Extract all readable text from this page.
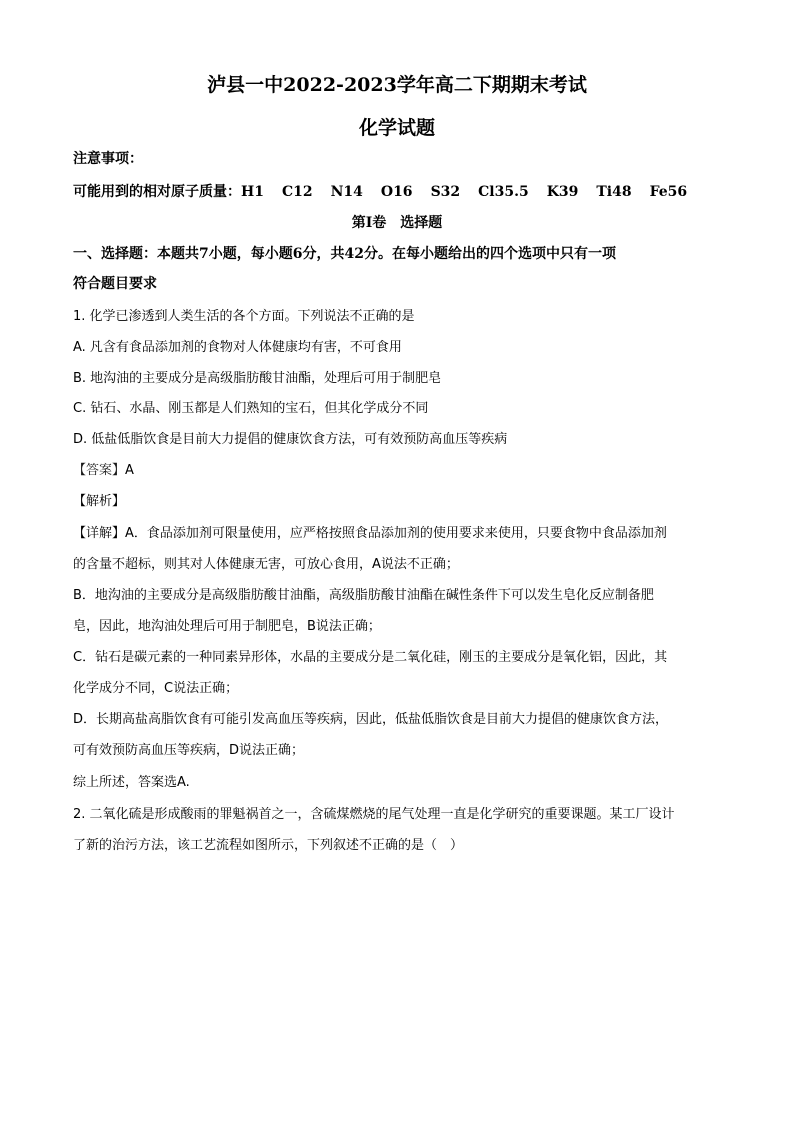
泸县一中2022-2023学年高二下期期末考试
化学试题
注意事项：
可能用到的相对原子质量：H1 C12 N14 O16 S32 Cl35.5 K39 Ti48 Fe56
第Ⅰ卷　选择题
一、选择题：本题共7小题，每小题6分，共42分。在每小题给出的四个选项中只有一项
符合题目要求
1. 化学已渗透到人类生活的各个方面。下列说法不正确的是
A. 凡含有食品添加剂的食物对人体健康均有害，不可食用
B. 地沟油的主要成分是高级脂肪酸甘油酯，处理后可用于制肥皂
C. 钻石、水晶、刚玉都是人们熟知的宝石，但其化学成分不同
D. 低盐低脂饮食是目前大力提倡的健康饮食方法，可有效预防高血压等疾病
【答案】A
【解析】
【详解】A．食品添加剂可限量使用，应严格按照食品添加剂的使用要求来使用，只要食物中食品添加剂
的含量不超标，则其对人体健康无害，可放心食用，A说法不正确；
B．地沟油的主要成分是高级脂肪酸甘油酯，高级脂肪酸甘油酯在碱性条件下可以发生皂化反应制备肥
皂，因此，地沟油处理后可用于制肥皂，B说法正确；
C．钻石是碳元素的一种同素异形体，水晶的主要成分是二氧化硅，刚玉的主要成分是氧化铝，因此，其
化学成分不同，C说法正确；
D．长期高盐高脂饮食有可能引发高血压等疾病，因此，低盐低脂饮食是目前大力提倡的健康饮食方法，
可有效预防高血压等疾病，D说法正确；
综上所述，答案选A.
2. 二氧化硫是形成酸雨的罪魁祸首之一，含硫煤燃烧的尾气处理一直是化学研究的重要课题。某工厂设计
了新的治污方法，该工艺流程如图所示，下列叙述不正确的是（　）
